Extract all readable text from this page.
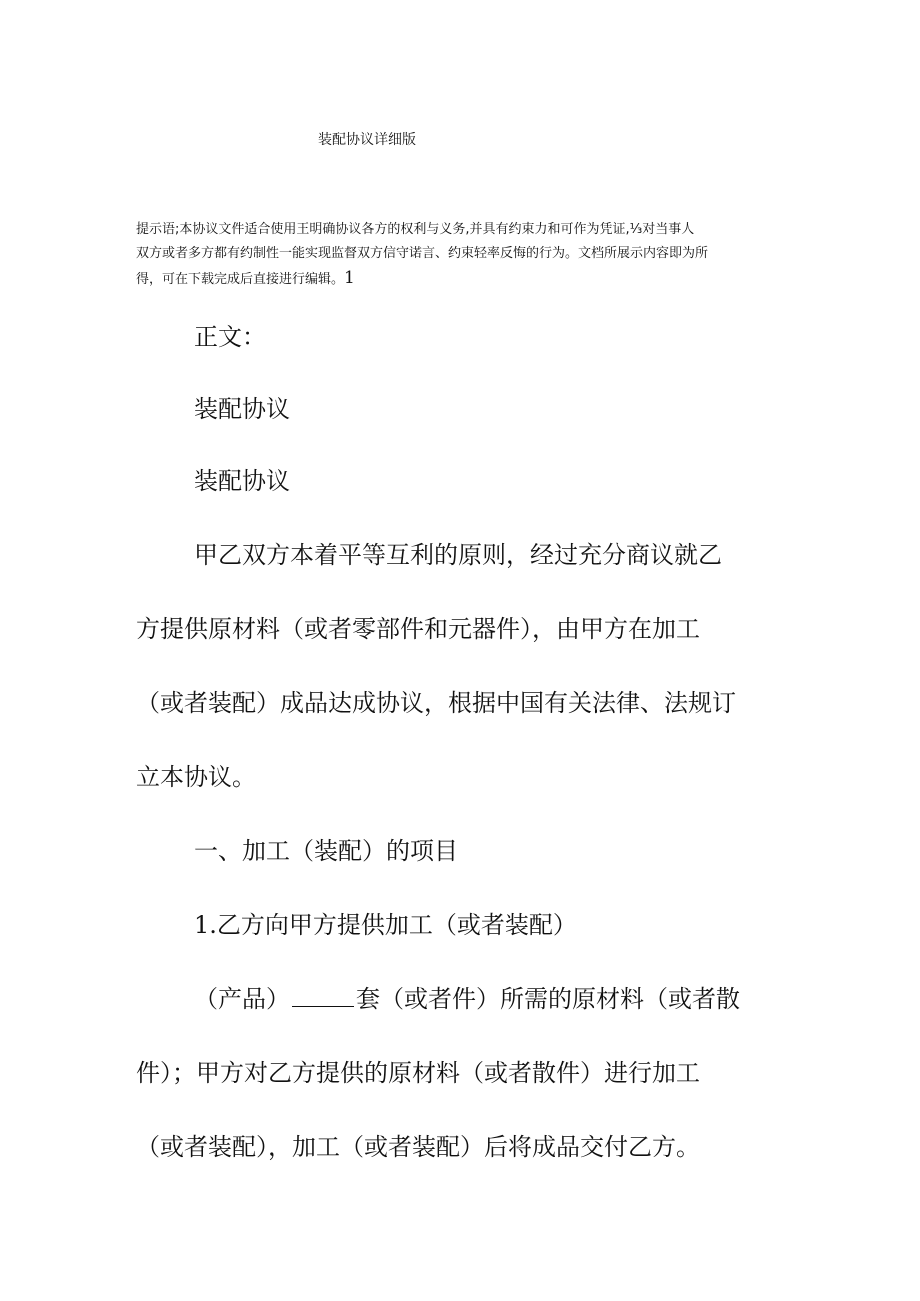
装配协议详细版
提示语;本协议文件适合使用王明确协议各方的权利与义务,并具有约束力和可作为凭证,⅓对当事人
双方或者多方都有约制性一能实现监督双方信守诺言、约束轻率反悔的行为。文档所展示内容即为所
得，可在下载完成后直接进行编辑。1
正文：
装配协议
装配协议
甲乙双方本着平等互利的原则，经过充分商议就乙
方提供原材料（或者零部件和元器件），由甲方在加工
（或者装配）成品达成协议，根据中国有关法律、法规订
立本协议。
一、加工（装配）的项目
1.乙方向甲方提供加工（或者装配）
（产品）	套（或者件）所需的原材料（或者散
件）；甲方对乙方提供的原材料（或者散件）进行加工
（或者装配），加工（或者装配）后将成品交付乙方。
